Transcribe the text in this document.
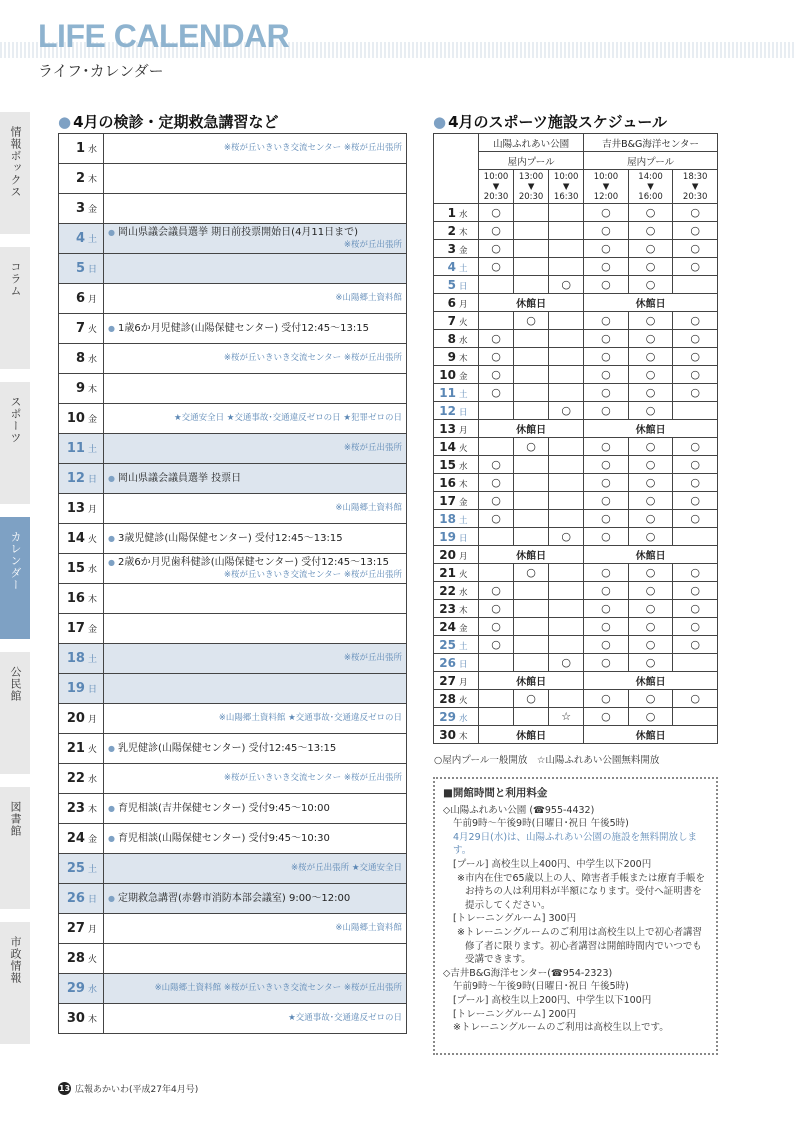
LIFE CALENDAR
ライフ･カレンダー
情報ボックス
コラム
スポーツ
カレンダー
公民館
図書館
市政情報
● 4月の検診・定期救急講習など	● 4月のスポーツ施設スケジュール
1 水	※桜が丘いきいき交流センター ※桜が丘出張所

2 木	
3 金	
4 土	● 岡山県議会議員選挙 期日前投票開始日(4月11日まで)
※桜が丘出張所

5 日	
6 月	※山陽郷土資料館

7 火	● 1歳6か月児健診(山陽保健センター) 受付12:45～13:15

8 水	※桜が丘いきいき交流センター ※桜が丘出張所

9 木	
10 金	★交通安全日 ★交通事故･交通違反ゼロの日 ★犯罪ゼロの日

11 土	※桜が丘出張所

12 日	● 岡山県議会議員選挙 投票日

13 月	※山陽郷土資料館

14 火	● 3歳児健診(山陽保健センター) 受付12:45～13:15

15 水	● 2歳6か月児歯科健診(山陽保健センター) 受付12:45～13:15
※桜が丘いきいき交流センター ※桜が丘出張所

16 木	
17 金	
18 土	※桜が丘出張所

19 日	
20 月	※山陽郷土資料館 ★交通事故･交通違反ゼロの日

21 火	● 乳児健診(山陽保健センター) 受付12:45～13:15

22 水	※桜が丘いきいき交流センター ※桜が丘出張所

23 木	● 育児相談(吉井保健センター) 受付9:45～10:00

24 金	● 育児相談(山陽保健センター) 受付9:45～10:30

25 土	※桜が丘出張所 ★交通安全日

26 日	● 定期救急講習(赤磐市消防本部会議室) 9:00～12:00

27 月	※山陽郷土資料館

28 火	
29 水	※山陽郷土資料館 ※桜が丘いきいき交流センター ※桜が丘出張所

30 木	★交通事故･交通違反ゼロの日
	山陽ふれあい公園			吉井B&G海洋センター		
	屋内プール			屋内プール		
	10:00
▼
20:30	13:00
▼
20:30	10:00
▼
16:30	10:00
▼
12:00	14:00
▼
16:00	18:30
▼
20:30
1 水	○			○	○	○
2 木	○			○	○	○
3 金	○			○	○	○
4 土	○			○	○	○
5 日			○	○	○	
6 月	休館日			休館日		
7 火		○		○	○	○
8 水	○			○	○	○
9 木	○			○	○	○
10 金	○			○	○	○
11 土	○			○	○	○
12 日			○	○	○	
13 月	休館日			休館日		
14 火		○		○	○	○
15 水	○			○	○	○
16 木	○			○	○	○
17 金	○			○	○	○
18 土	○			○	○	○
19 日			○	○	○	
20 月	休館日			休館日		
21 火		○		○	○	○
22 水	○			○	○	○
23 木	○			○	○	○
24 金	○			○	○	○
25 土	○			○	○	○
26 日			○	○	○	
27 月	休館日			休館日		
28 火		○		○	○	○
29 水			☆	○	○	
30 木	休館日			休館日		
○屋内プール一般開放　☆山陽ふれあい公園無料開放
■開館時間と利用料金
◇山陽ふれあい公園 (☎955-4432)
午前9時～午後9時(日曜日･祝日 午後5時)
4月29日(水)は、山陽ふれあい公園の施設を無料開放します。
[プール] 高校生以上400円、中学生以下200円
※市内在住で65歳以上の人、障害者手帳または療育手帳をお持ちの人は利用料が半額になります。受付へ証明書を提示してください。
[トレーニングルーム] 300円
※トレーニングルームのご利用は高校生以上で初心者講習修了者に限ります。初心者講習は開館時間内でいつでも受講できます。
◇吉井B&G海洋センター(☎954-2323)
午前9時～午後9時(日曜日･祝日 午後5時)
[プール] 高校生以上200円、中学生以下100円
[トレーニングルーム] 200円
※トレーニングルームのご利用は高校生以上です。
13 広報あかいわ(平成27年4月号)
